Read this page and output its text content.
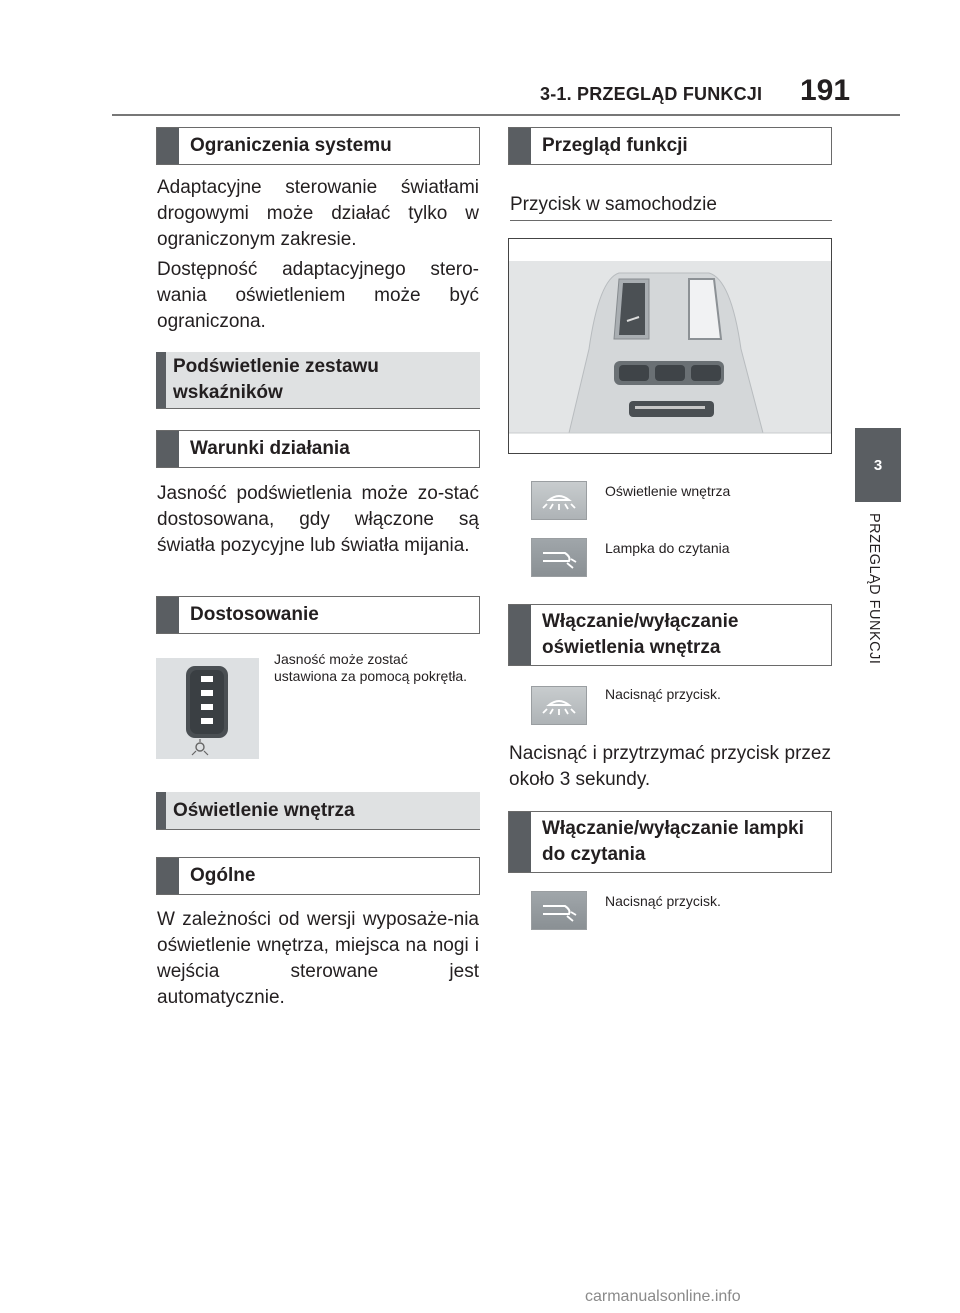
3-1. PRZEGLĄD FUNKCJI 191
3
PRZEGLĄD FUNKCJI
Ograniczenia systemu
Adaptacyjne sterowanie światłami drogowymi może działać tylko w ograniczonym zakresie.
Dostępność adaptacyjnego stero-wania oświetleniem może być ograniczona.
Podświetlenie zestawu wskaźników
Warunki działania
Jasność podświetlenia może zo-stać dostosowana, gdy włączone są światła pozycyjne lub światła mijania.
Dostosowanie
Jasność może zostać ustawiona za pomocą pokrętła.
Oświetlenie wnętrza
Ogólne
W zależności od wersji wyposaże-nia oświetlenie wnętrza, miejsca na nogi i wejścia sterowane jest automatycznie.
Przegląd funkcji
Przycisk w samochodzie
Oświetlenie wnętrza
Lampka do czytania
Włączanie/wyłączanie oświetlenia wnętrza
Nacisnąć przycisk.
Nacisnąć i przytrzymać przycisk przez około 3 sekundy.
Włączanie/wyłączanie lampki do czytania
Nacisnąć przycisk.
carmanualsonline.info
